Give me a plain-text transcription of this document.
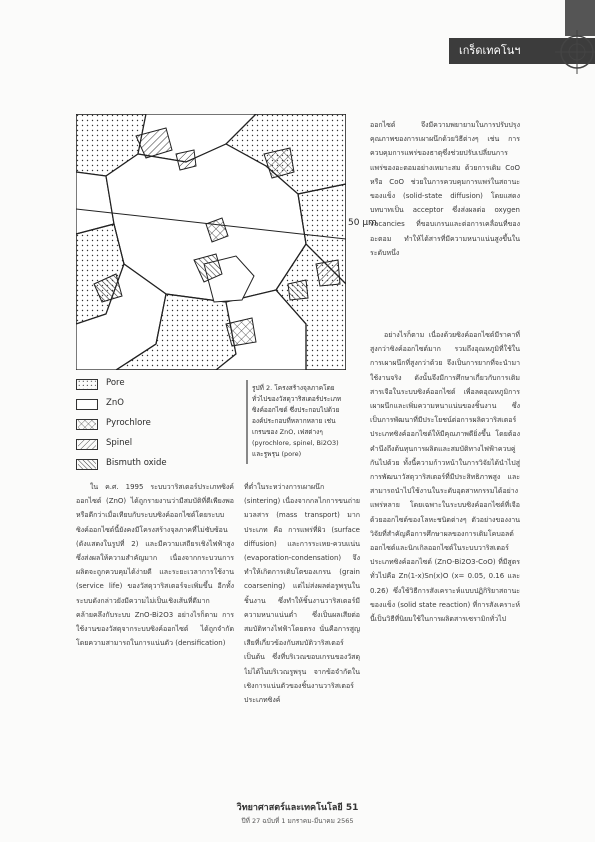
เกร็ดเทคโนฯ
50 µm
Pore
ZnO
Pyrochlore
Spinel
Bismuth oxide
รูปที่ 2. โครงสร้างจุลภาคโดยทั่วไปของวัสดุวาริสเตอร์ประเภทซิงค์ออกไซด์ ซึ่งประกอบไปด้วยองค์ประกอบที่หลากหลาย เช่น เกรนของ ZnO, เฟสต่างๆ (pyrochlore, spinel, Bi2O3) และรูพรุน (pore)

ใน ค.ศ. 1995 ระบบวาริสเตอร์ประเภทซิงค์ออกไซด์ (ZnO) ได้ถูกรายงานว่ามีสมบัติที่ดีเพียงพอหรือดีกว่าเมื่อเทียบกับระบบซิงค์ออกไซด์โดยระบบซิงค์ออกไซด์นี้ยังคงมีโครงสร้างจุลภาคที่ไม่ซับซ้อน (ดังแสดงในรูปที่ 2) และมีความเสถียรเชิงไฟฟ้าสูง ซึ่งส่งผลให้ความสำคัญมาก เนื่องจากกระบวนการผลิตจะถูกควบคุมได้ง่ายดี และระยะเวลาการใช้งาน (service life) ของวัสดุวาริสเตอร์จะเพิ่มขึ้น อีกทั้งระบบดังกล่าวยังมีความไม่เป็นเชิงเส้นที่ดีมากคล้ายคลึงกับระบบ ZnO-Bi2O3 อย่างไรก็ตาม การใช้งานของวัสดุจากระบบซิงค์ออกไซด์ ได้ถูกจำกัดโดยความสามารถในการแน่นตัว (densification)

ที่ต่ำในระหว่างการเผาผนึก (sintering) เนื่องจากกลไกการขนถ่ายมวลสาร (mass transport) มากประเภท คือ การแพร่ที่ผิว (surface diffusion) และการระเหย-ควบแน่น (evaporation-condensation) จึงทำให้เกิดการเติบโตของเกรน (grain coarsening) แต่ไม่ส่งผลต่อรูพรุนในชิ้นงาน ซึ่งทำให้ชิ้นงานวาริสเตอร์มีความหนาแน่นต่ำ ซึ่งเป็นผลเสียต่อสมบัติทางไฟฟ้าโดยตรง นั่นคือการสูญเสียที่เกี่ยวข้องกับสมบัติวาริสเตอร์เป็นต้น ซึ่งที่บริเวณขอบเกรนของวัสดุ ไม่ได้ในบริเวณรูพรุน จากข้อจำกัดในเชิงการแน่นตัวของชิ้นงานวาริสเตอร์ประเภทซิงค์

ออกไซด์ จึงมีความพยายามในการปรับปรุงคุณภาพของการเผาผนึกด้วยวิธีต่างๆ เช่น การควบคุมการแพร่ของธาตุซึ่งช่วยปรับเปลี่ยนการแพร่ของอะตอมอย่างเหมาะสม ด้วยการเติม CoO หรือ CoO ช่วยในการควบคุมการแพร่ในสถานะของแข็ง (solid-state diffusion) โดยแสดงบทบาทเป็น acceptor ซึ่งส่งผลต่อ oxygen vacancies ที่ขอบเกรนและต่อการเคลื่อนที่ของอะตอม ทำให้ได้สารที่มีความหนาแน่นสูงขึ้นในระดับหนึ่ง

อย่างไรก็ตาม เนื่องด้วยซิงค์ออกไซด์มีราคาที่สูงกว่าซิงค์ออกไซด์มาก รวมถึงอุณหภูมิที่ใช้ในการเผาผนึกที่สูงกว่าด้วย จึงเป็นการยากที่จะนำมาใช้งานจริง ดังนั้นจึงมีการศึกษาเกี่ยวกับการเติมสารเจือในระบบซิงค์ออกไซด์ เพื่อลดอุณหภูมิการเผาผนึกและเพิ่มความหนาแน่นของชิ้นงาน ซึ่งเป็นการพัฒนาที่มีประโยชน์ต่อการผลิตวาริสเตอร์ประเภทซิงค์ออกไซด์ให้มีคุณภาพดียิ่งขึ้น โดยต้องคำนึงถึงต้นทุนการผลิตและสมบัติทางไฟฟ้าควบคู่กันไปด้วย ทั้งนี้ความก้าวหน้าในการวิจัยได้นำไปสู่การพัฒนาวัสดุวาริสเตอร์ที่มีประสิทธิภาพสูง และสามารถนำไปใช้งานในระดับอุตสาหกรรมได้อย่างแพร่หลาย โดยเฉพาะในระบบซิงค์ออกไซด์ที่เจือด้วยออกไซด์ของโลหะชนิดต่างๆ ตัวอย่างของงานวิจัยที่สำคัญคือการศึกษาผลของการเติมโคบอลต์ออกไซด์และนิกเกิลออกไซด์ในระบบวาริสเตอร์ประเภทซิงค์ออกไซด์ (ZnO-Bi2O3-CoO) ที่มีสูตรทั่วไปคือ Zn(1-x)Sn(x)O (x= 0.05, 0.16 และ 0.26) ซึ่งใช้วิธีการสังเคราะห์แบบปฏิกิริยาสถานะของแข็ง (solid state reaction) ที่การสังเคราะห์นี้เป็นวิธีที่นิยมใช้ในการผลิตสารเซรามิกทั่วไป

วิทยาศาสตร์และเทคโนโลยี 51
ปีที่ 27 ฉบับที่ 1 มกราคม-มีนาคม 2565
